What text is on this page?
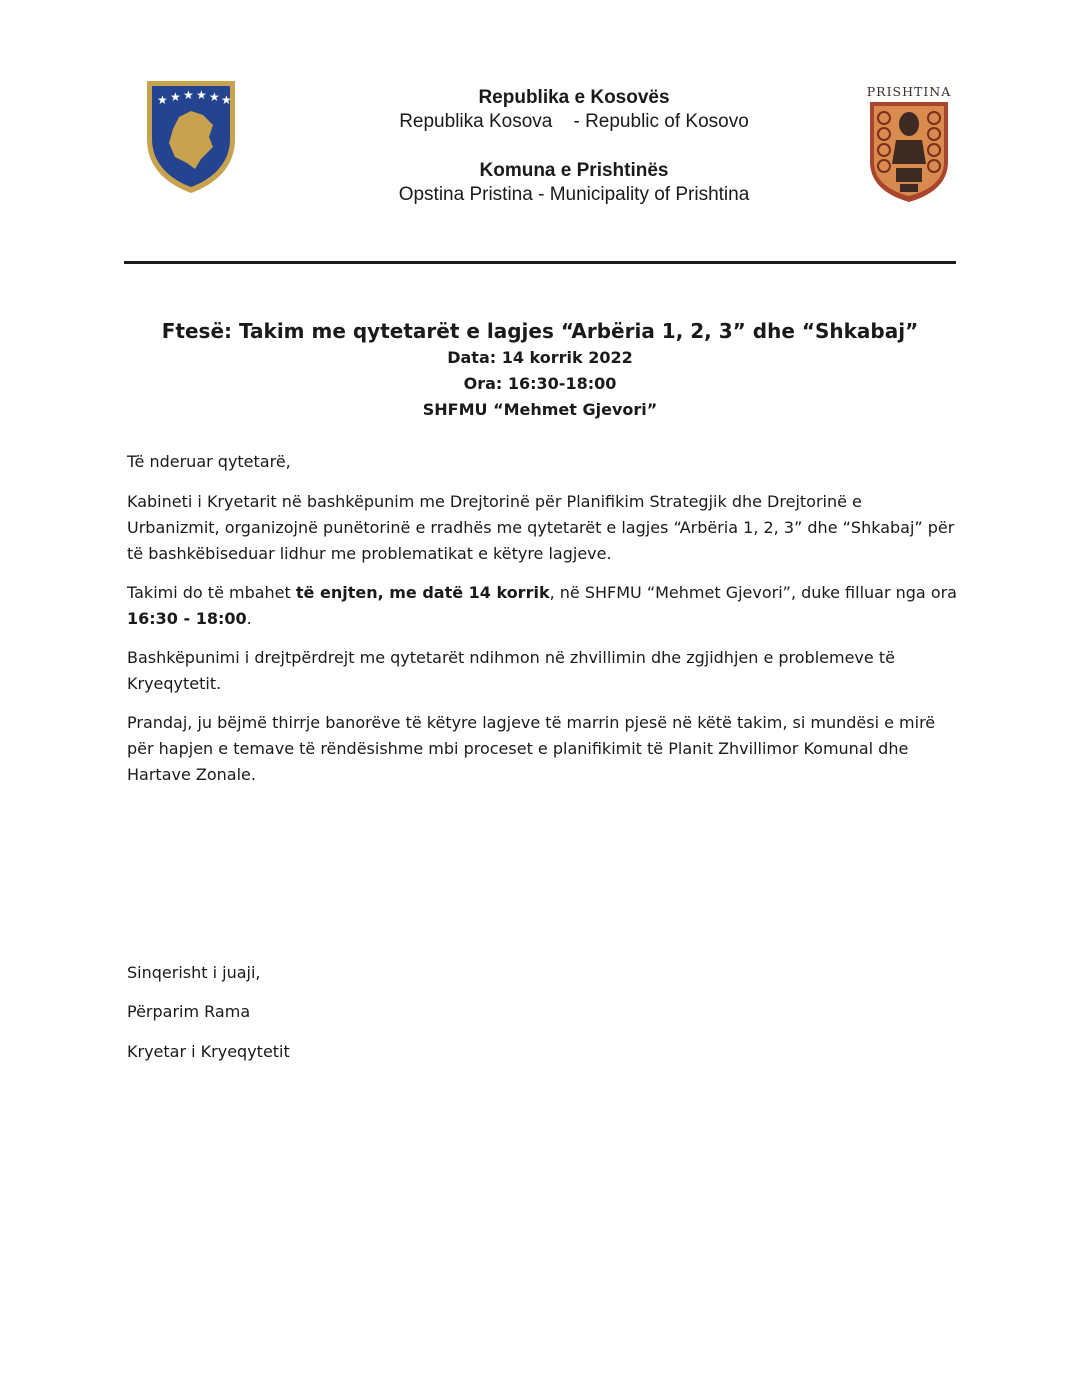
★ ★ ★ ★ ★ ★	Republika e Kosovës
Republika Kosova    - Republic of Kosovo
Komuna e Prishtinës
Opstina Pristina - Municipality of Prishtina
PRISHTINA
Ftesë: Takim me qytetarët e lagjes “Arbëria 1, 2, 3” dhe “Shkabaj”
Data: 14 korrik 2022
Ora: 16:30-18:00
SHFMU “Mehmet Gjevori”
Të nderuar qytetarë,
Kabineti i Kryetarit në bashkëpunim me Drejtorinë për Planifikim Strategjik dhe Drejtorinë e Urbanizmit, organizojnë punëtorinë e rradhës me qytetarët e lagjes “Arbëria 1, 2, 3” dhe “Shkabaj” për të bashkëbiseduar lidhur me problematikat e këtyre lagjeve.
Takimi do të mbahet të enjten, me datë 14 korrik, në SHFMU “Mehmet Gjevori”, duke filluar nga ora 16:30 - 18:00.
Bashkëpunimi i drejtpërdrejt me qytetarët ndihmon në zhvillimin dhe zgjidhjen e problemeve të Kryeqytetit.
Prandaj, ju bëjmë thirrje banorëve të këtyre lagjeve të marrin pjesë në këtë takim, si mundësi e mirë për hapjen e temave të rëndësishme mbi proceset e planifikimit të Planit Zhvillimor Komunal dhe Hartave Zonale.
Sinqerisht i juaji,
Përparim Rama
Kryetar i Kryeqytetit
